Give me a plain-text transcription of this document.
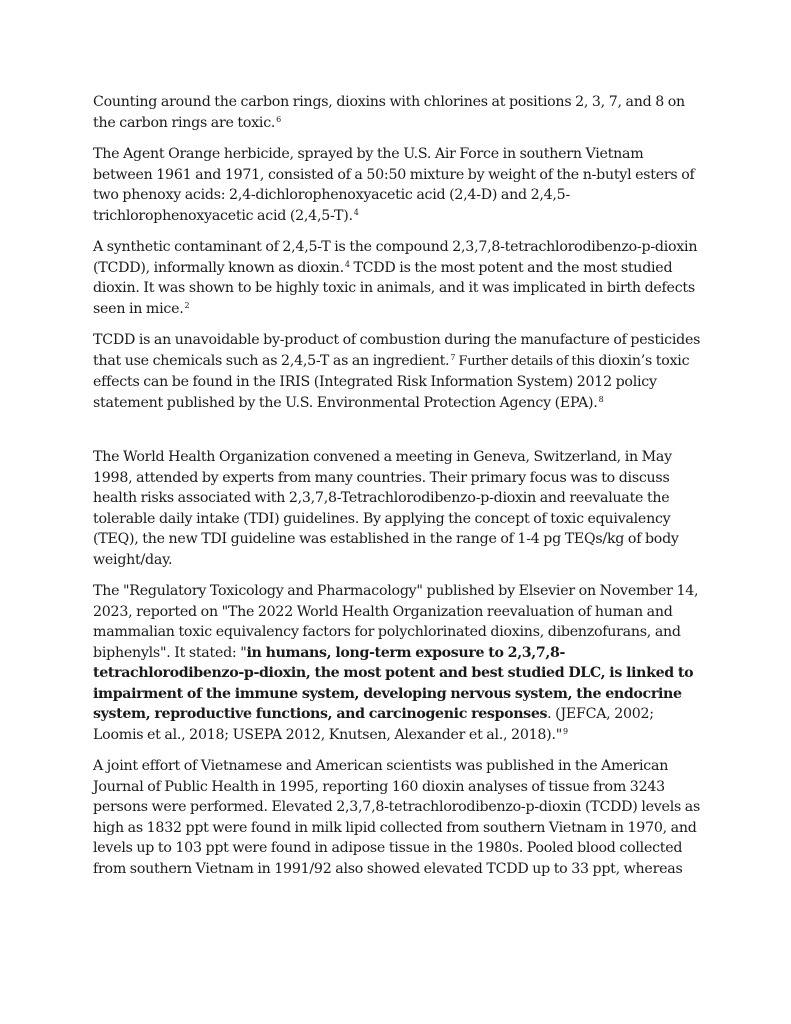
Counting around the carbon rings, dioxins with chlorines at positions 2, 3, 7, and 8 on the carbon rings are toxic.$^6$

The Agent Orange herbicide, sprayed by the U.S. Air Force in southern Vietnam between 1961 and 1971, consisted of a 50:50 mixture by weight of the n-butyl esters of two phenoxy acids: 2,4-dichlorophenoxyacetic acid (2,4-D) and 2,4,5-trichlorophenoxyacetic acid (2,4,5-T).$^4$

A synthetic contaminant of 2,4,5-T is the compound 2,3,7,8-tetrachlorodibenzo-p-dioxin (TCDD), informally known as dioxin.$^4$ TCDD is the most potent and the most studied dioxin. It was shown to be highly toxic in animals, and it was implicated in birth defects seen in mice.$^2$

TCDD is an unavoidable by-product of combustion during the manufacture of pesticides that use chemicals such as 2,4,5-T as an ingredient.$^7$ Further details of this dioxin’s toxic effects can be found in the IRIS (Integrated Risk Information System) 2012 policy statement published by the U.S. Environmental Protection Agency (EPA).$^8$

The World Health Organization convened a meeting in Geneva, Switzerland, in May 1998, attended by experts from many countries. Their primary focus was to discuss health risks associated with 2,3,7,8-Tetrachlorodibenzo-p-dioxin and reevaluate the tolerable daily intake (TDI) guidelines. By applying the concept of toxic equivalency (TEQ), the new TDI guideline was established in the range of 1-4 pg TEQs/kg of body weight/day.

The "Regulatory Toxicology and Pharmacology" published by Elsevier on November 14, 2023, reported on "The 2022 World Health Organization reevaluation of human and mammalian toxic equivalency factors for polychlorinated dioxins, dibenzofurans, and biphenyls". It stated: "in humans, long-term exposure to 2,3,7,8-tetrachlorodibenzo-p-dioxin, the most potent and best studied DLC, is linked to impairment of the immune system, developing nervous system, the endocrine system, reproductive functions, and carcinogenic responses. (JEFCA, 2002; Loomis et al., 2018; USEPA 2012, Knutsen, Alexander et al., 2018)."$^9$

A joint effort of Vietnamese and American scientists was published in the American Journal of Public Health in 1995, reporting 160 dioxin analyses of tissue from 3243 persons were performed. Elevated 2,3,7,8-tetrachlorodibenzo-p-dioxin (TCDD) levels as high as 1832 ppt were found in milk lipid collected from southern Vietnam in 1970, and levels up to 103 ppt were found in adipose tissue in the 1980s. Pooled blood collected from southern Vietnam in 1991/92 also showed elevated TCDD up to 33 ppt, whereas
